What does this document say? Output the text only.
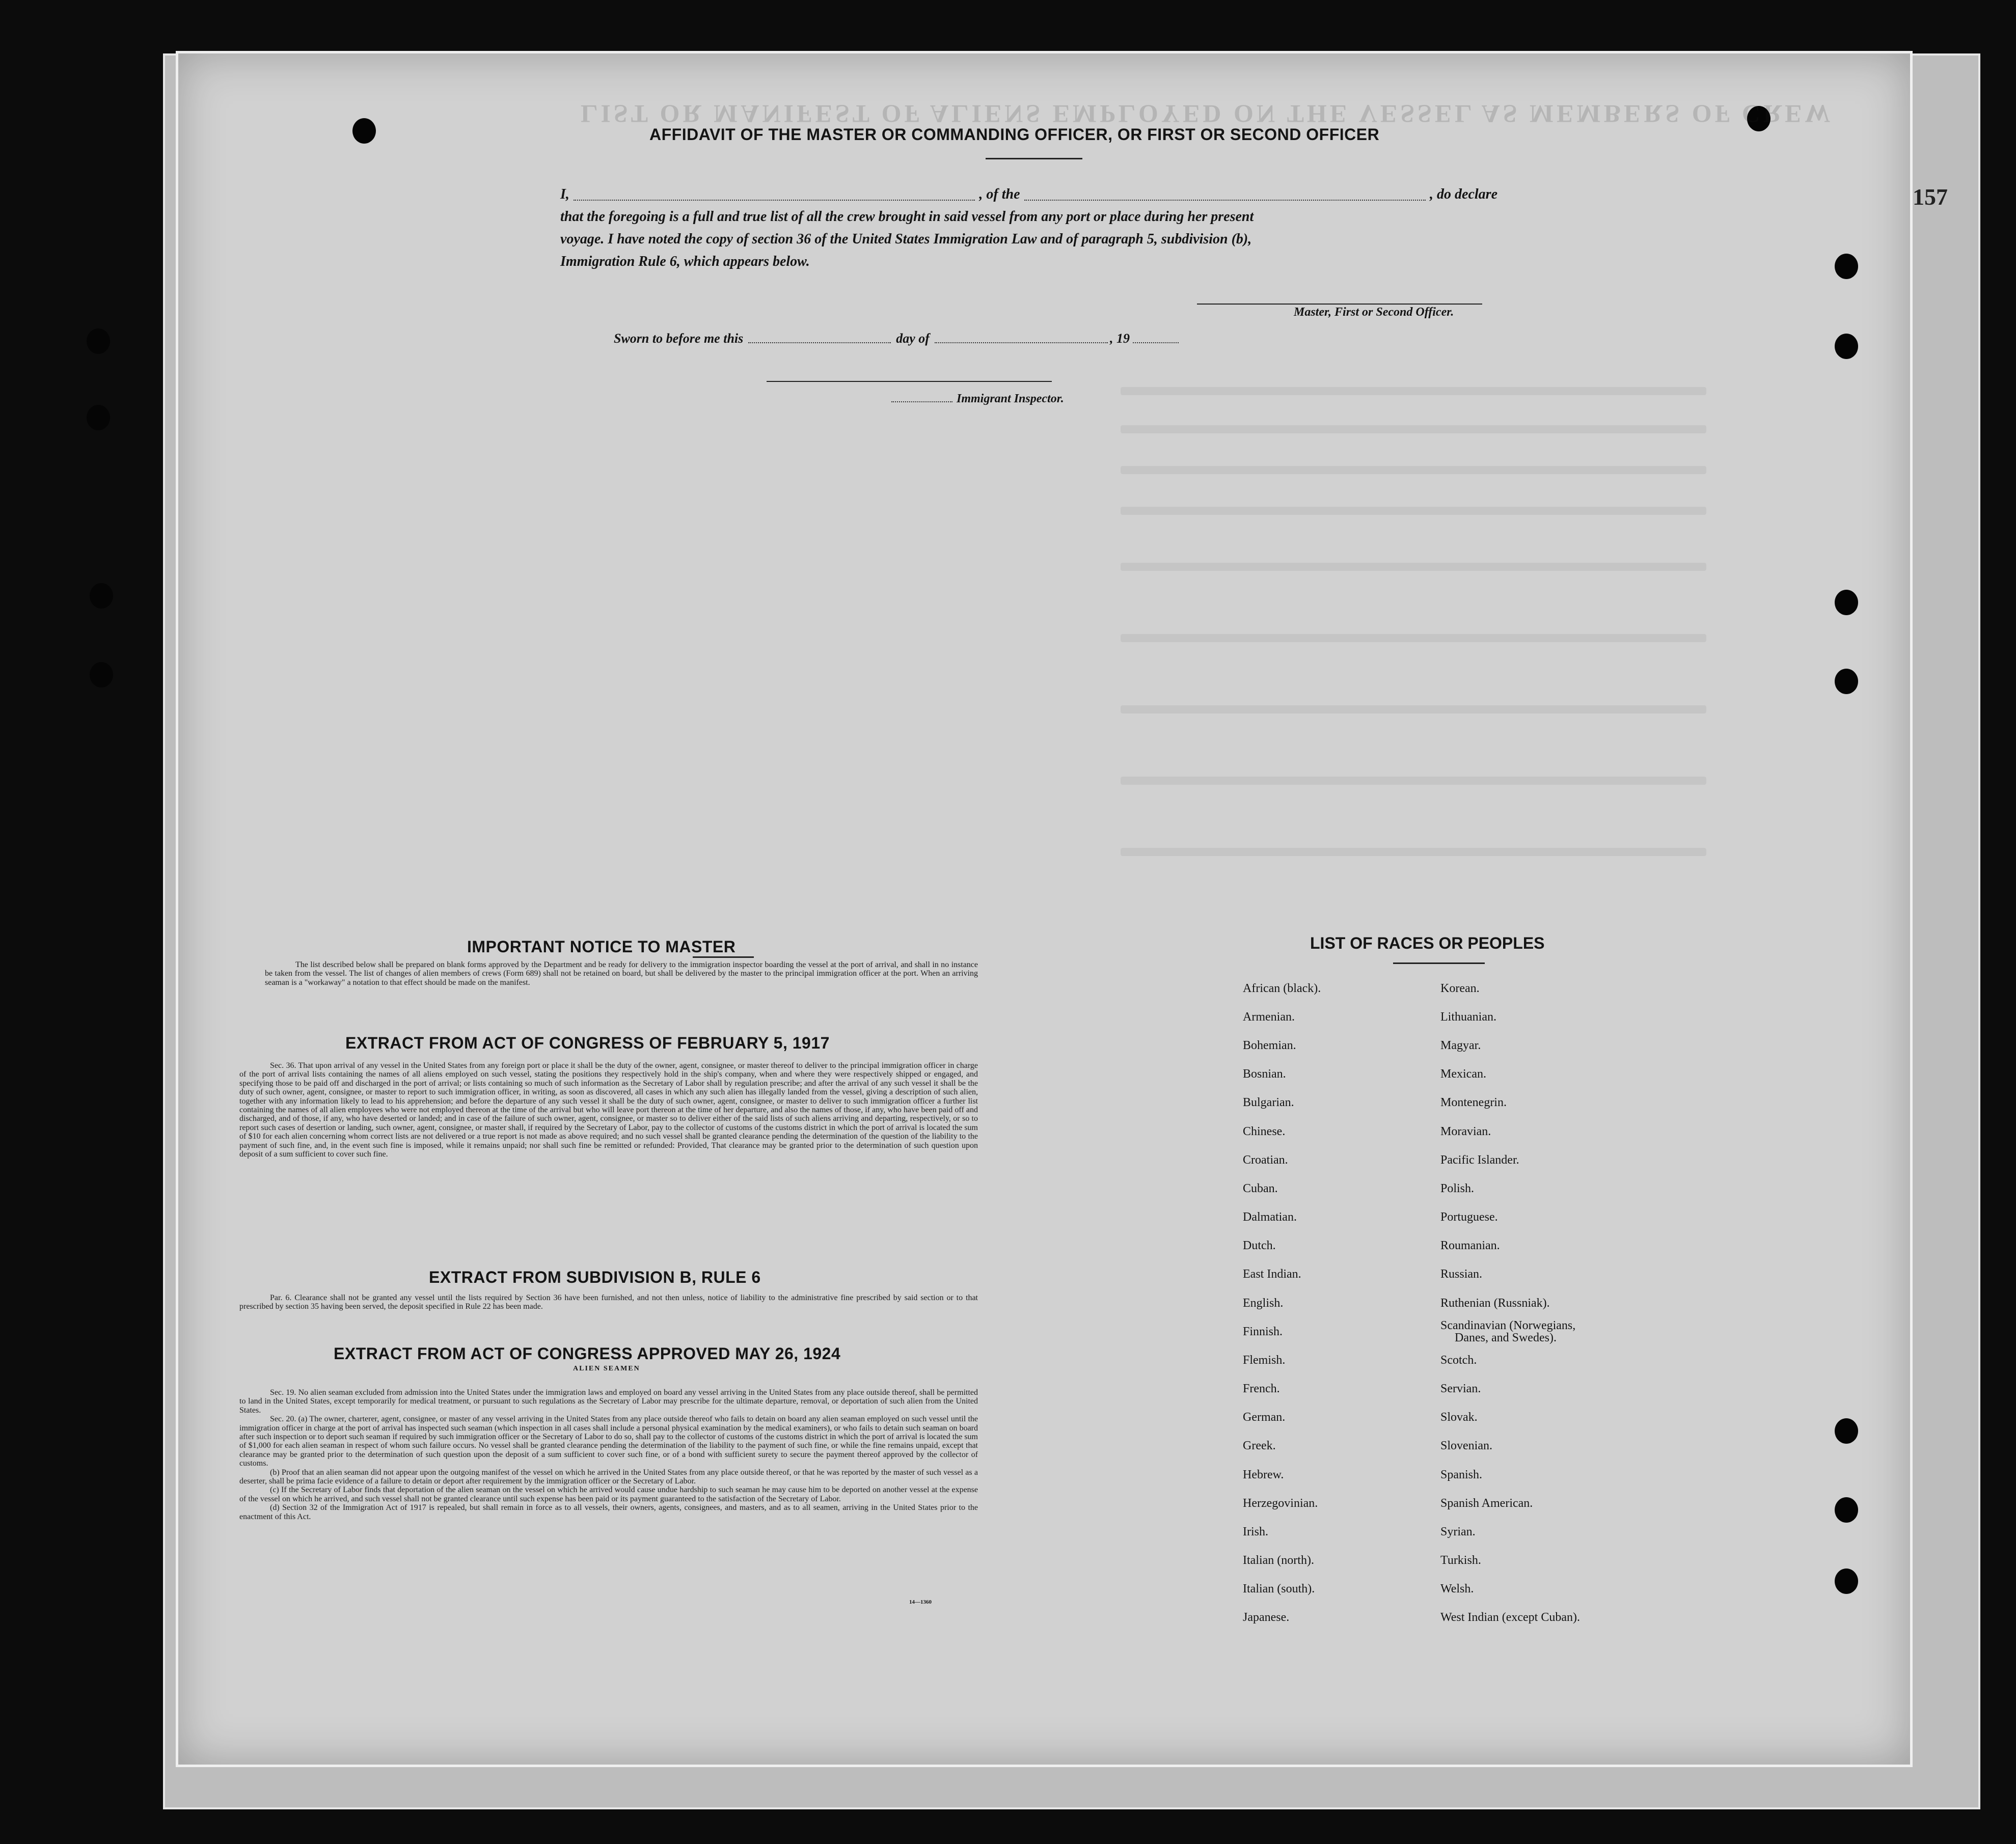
157
LIST OR MANIFEST OF ALIENS EMPLOYED ON THE VESSEL AS MEMBERS OF CREW
AFFIDAVIT OF THE MASTER OR COMMANDING OFFICER, OR FIRST OR SECOND OFFICER
I,	, of the	, do declare
that the foregoing is a full and true list of all the crew brought in said vessel from any port or place during her present
voyage. I have noted the copy of section 36 of the United States Immigration Law and of paragraph 5, subdivision (b),
Immigration Rule 6, which appears below.
Master, First or Second Officer.
Sworn to before me this	day of	, 19
Immigrant Inspector.
IMPORTANT NOTICE TO MASTER

The list described below shall be prepared on blank forms approved by the Department and be ready for delivery to the immigration inspector boarding the vessel at the port of arrival, and shall in no instance be taken from the vessel. The list of changes of alien members of crews (Form 689) shall not be retained on board, but shall be delivered by the master to the principal immigration officer at the port. When an arriving seaman is a "workaway" a notation to that effect should be made on the manifest.

EXTRACT FROM ACT OF CONGRESS OF FEBRUARY 5, 1917

Sec. 36. That upon arrival of any vessel in the United States from any foreign port or place it shall be the duty of the owner, agent, consignee, or master thereof to deliver to the principal immigration officer in charge of the port of arrival lists containing the names of all aliens employed on such vessel, stating the positions they respectively hold in the ship's company, when and where they were respectively shipped or engaged, and specifying those to be paid off and discharged in the port of arrival; or lists containing so much of such information as the Secretary of Labor shall by regulation prescribe; and after the arrival of any such vessel it shall be the duty of such owner, agent, consignee, or master to report to such immigration officer, in writing, as soon as discovered, all cases in which any such alien has illegally landed from the vessel, giving a description of such alien, together with any information likely to lead to his apprehension; and before the departure of any such vessel it shall be the duty of such owner, agent, consignee, or master to deliver to such immigration officer a further list containing the names of all alien employees who were not employed thereon at the time of the arrival but who will leave port thereon at the time of her departure, and also the names of those, if any, who have been paid off and discharged, and of those, if any, who have deserted or landed; and in case of the failure of such owner, agent, consignee, or master so to deliver either of the said lists of such aliens arriving and departing, respectively, or so to report such cases of desertion or landing, such owner, agent, consignee, or master shall, if required by the Secretary of Labor, pay to the collector of customs of the customs district in which the port of arrival is located the sum of $10 for each alien concerning whom correct lists are not delivered or a true report is not made as above required; and no such vessel shall be granted clearance pending the determination of the question of the liability to the payment of such fine, and, in the event such fine is imposed, while it remains unpaid; nor shall such fine be remitted or refunded: Provided, That clearance may be granted prior to the determination of such question upon deposit of a sum sufficient to cover such fine.

EXTRACT FROM SUBDIVISION B, RULE 6

Par. 6. Clearance shall not be granted any vessel until the lists required by Section 36 have been furnished, and not then unless, notice of liability to the administrative fine prescribed by said section or to that prescribed by section 35 having been served, the deposit specified in Rule 22 has been made.

EXTRACT FROM ACT OF CONGRESS APPROVED MAY 26, 1924
ALIEN SEAMEN

Sec. 19. No alien seaman excluded from admission into the United States under the immigration laws and employed on board any vessel arriving in the United States from any place outside thereof, shall be permitted to land in the United States, except temporarily for medical treatment, or pursuant to such regulations as the Secretary of Labor may prescribe for the ultimate departure, removal, or deportation of such alien from the United States.

Sec. 20. (a) The owner, charterer, agent, consignee, or master of any vessel arriving in the United States from any place outside thereof who fails to detain on board any alien seaman employed on such vessel until the immigration officer in charge at the port of arrival has inspected such seaman (which inspection in all cases shall include a personal physical examination by the medical examiners), or who fails to detain such seaman on board after such inspection or to deport such seaman if required by such immigration officer or the Secretary of Labor to do so, shall pay to the collector of customs of the customs district in which the port of arrival is located the sum of $1,000 for each alien seaman in respect of whom such failure occurs. No vessel shall be granted clearance pending the determination of the liability to the payment of such fine, or while the fine remains unpaid, except that clearance may be granted prior to the determination of such question upon the deposit of a sum sufficient to cover such fine, or of a bond with sufficient surety to secure the payment thereof approved by the collector of customs.

(b) Proof that an alien seaman did not appear upon the outgoing manifest of the vessel on which he arrived in the United States from any place outside thereof, or that he was reported by the master of such vessel as a deserter, shall be prima facie evidence of a failure to detain or deport after requirement by the immigration officer or the Secretary of Labor.

(c) If the Secretary of Labor finds that deportation of the alien seaman on the vessel on which he arrived would cause undue hardship to such seaman he may cause him to be deported on another vessel at the expense of the vessel on which he arrived, and such vessel shall not be granted clearance until such expense has been paid or its payment guaranteed to the satisfaction of the Secretary of Labor.

(d) Section 32 of the Immigration Act of 1917 is repealed, but shall remain in force as to all vessels, their owners, agents, consignees, and masters, and as to all seamen, arriving in the United States prior to the enactment of this Act.

14—1360
LIST OF RACES OR PEOPLES
African (black).
Armenian.
Bohemian.
Bosnian.
Bulgarian.
Chinese.
Croatian.
Cuban.
Dalmatian.
Dutch.
East Indian.
English.
Finnish.
Flemish.
French.
German.
Greek.
Hebrew.
Herzegovinian.
Irish.
Italian (north).
Italian (south).
Japanese.
Korean.
Lithuanian.
Magyar.
Mexican.
Montenegrin.
Moravian.
Pacific Islander.
Polish.
Portuguese.
Roumanian.
Russian.
Ruthenian (Russniak).
Scandinavian (Norwegians,
Danes, and Swedes).
Scotch.
Servian.
Slovak.
Slovenian.
Spanish.
Spanish American.
Syrian.
Turkish.
Welsh.
West Indian (except Cuban).
